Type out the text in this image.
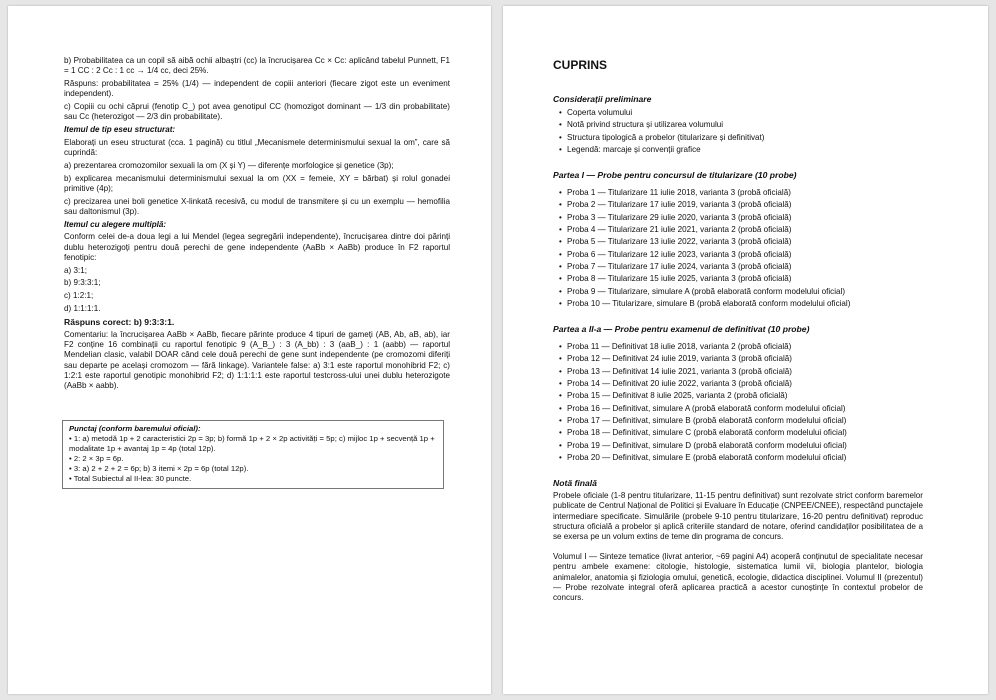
b) Probabilitatea ca un copil să aibă ochii albaștri (cc) la încrucișarea Cc × Cc: aplicând tabelul Punnett, F1 = 1 CC : 2 Cc : 1 cc → 1/4 cc, deci 25%.

Răspuns: probabilitatea = 25% (1/4) — independent de copiii anteriori (fiecare zigot este un eveniment independent).

c) Copiii cu ochi căprui (fenotip C_) pot avea genotipul CC (homozigot dominant — 1/3 din probabilitate) sau Cc (heterozigot — 2/3 din probabilitate).

Itemul de tip eseu structurat:

Elaborați un eseu structurat (cca. 1 pagină) cu titlul „Mecanismele determinismului sexual la om”, care să cuprindă:

a) prezentarea cromozomilor sexuali la om (X și Y) — diferențe morfologice și genetice (3p);

b) explicarea mecanismului determinismului sexual la om (XX = femeie, XY = bărbat) și rolul gonadei primitive (4p);

c) precizarea unei boli genetice X-linkată recesivă, cu modul de transmitere și cu un exemplu — hemofilia sau daltonismul (3p).

Itemul cu alegere multiplă:

Conform celei de-a doua legi a lui Mendel (legea segregării independente), încrucișarea dintre doi părinți dublu heterozigoți pentru două perechi de gene independente (AaBb × AaBb) produce în F2 raportul fenotipic:

a) 3:1;

b) 9:3:3:1;

c) 1:2:1;

d) 1:1:1:1.

Răspuns corect: b) 9:3:3:1.

Comentariu: la încrucișarea AaBb × AaBb, fiecare părinte produce 4 tipuri de gameți (AB, Ab, aB, ab), iar F2 conține 16 combinații cu raportul fenotipic 9 (A_B_) : 3 (A_bb) : 3 (aaB_) : 1 (aabb) — raportul Mendelian clasic, valabil DOAR când cele două perechi de gene sunt independente (pe cromozomi diferiți sau departe pe același cromozom — fără linkage). Variantele false: a) 3:1 este raportul monohibrid F2; c) 1:2:1 este raportul genotipic monohibrid F2; d) 1:1:1:1 este raportul testcross-ului unei dublu heterozigote (AaBb × aabb).

Punctaj (conform baremului oficial):
• 1: a) metodă 1p + 2 caracteristici 2p = 3p; b) formă 1p + 2 × 2p activități = 5p; c) mijloc 1p + secvență 1p + modalitate 1p + avantaj 1p = 4p (total 12p).
• 2: 2 × 3p = 6p.
• 3: a) 2 + 2 + 2 = 6p; b) 3 itemi × 2p = 6p (total 12p).
• Total Subiectul al II-lea: 30 puncte.
CUPRINS
Considerații preliminare
• Coperta volumului
• Notă privind structura și utilizarea volumului
• Structura tipologică a probelor (titularizare și definitivat)
• Legendă: marcaje și convenții grafice
Partea I — Probe pentru concursul de titularizare (10 probe)
• Proba 1 — Titularizare 11 iulie 2018, varianta 3 (probă oficială)
• Proba 2 — Titularizare 17 iulie 2019, varianta 3 (probă oficială)
• Proba 3 — Titularizare 29 iulie 2020, varianta 3 (probă oficială)
• Proba 4 — Titularizare 21 iulie 2021, varianta 2 (probă oficială)
• Proba 5 — Titularizare 13 iulie 2022, varianta 3 (probă oficială)
• Proba 6 — Titularizare 12 iulie 2023, varianta 3 (probă oficială)
• Proba 7 — Titularizare 17 iulie 2024, varianta 3 (probă oficială)
• Proba 8 — Titularizare 15 iulie 2025, varianta 3 (probă oficială)
• Proba 9 — Titularizare, simulare A (probă elaborată conform modelului oficial)
• Proba 10 — Titularizare, simulare B (probă elaborată conform modelului oficial)
Partea a II-a — Probe pentru examenul de definitivat (10 probe)
• Proba 11 — Definitivat 18 iulie 2018, varianta 2 (probă oficială)
• Proba 12 — Definitivat 24 iulie 2019, varianta 3 (probă oficială)
• Proba 13 — Definitivat 14 iulie 2021, varianta 3 (probă oficială)
• Proba 14 — Definitivat 20 iulie 2022, varianta 3 (probă oficială)
• Proba 15 — Definitivat 8 iulie 2025, varianta 2 (probă oficială)
• Proba 16 — Definitivat, simulare A (probă elaborată conform modelului oficial)
• Proba 17 — Definitivat, simulare B (probă elaborată conform modelului oficial)
• Proba 18 — Definitivat, simulare C (probă elaborată conform modelului oficial)
• Proba 19 — Definitivat, simulare D (probă elaborată conform modelului oficial)
• Proba 20 — Definitivat, simulare E (probă elaborată conform modelului oficial)
Notă finală

Probele oficiale (1-8 pentru titularizare, 11-15 pentru definitivat) sunt rezolvate strict conform baremelor publicate de Centrul Național de Politici și Evaluare în Educație (CNPEE/CNEE), respectând punctajele intermediare specificate. Simulările (probele 9-10 pentru titularizare, 16-20 pentru definitivat) reproduc structura oficială a probelor și aplică criteriile standard de notare, oferind candidaților posibilitatea de a se exersa pe un volum extins de teme din programa de concurs.

Volumul I — Sinteze tematice (livrat anterior, ~69 pagini A4) acoperă conținutul de specialitate necesar pentru ambele examene: citologie, histologie, sistematica lumii vii, biologia plantelor, biologia animalelor, anatomia și fiziologia omului, genetică, ecologie, didactica disciplinei. Volumul II (prezentul) — Probe rezolvate integral oferă aplicarea practică a acestor cunoștințe în contextul probelor de concurs.
